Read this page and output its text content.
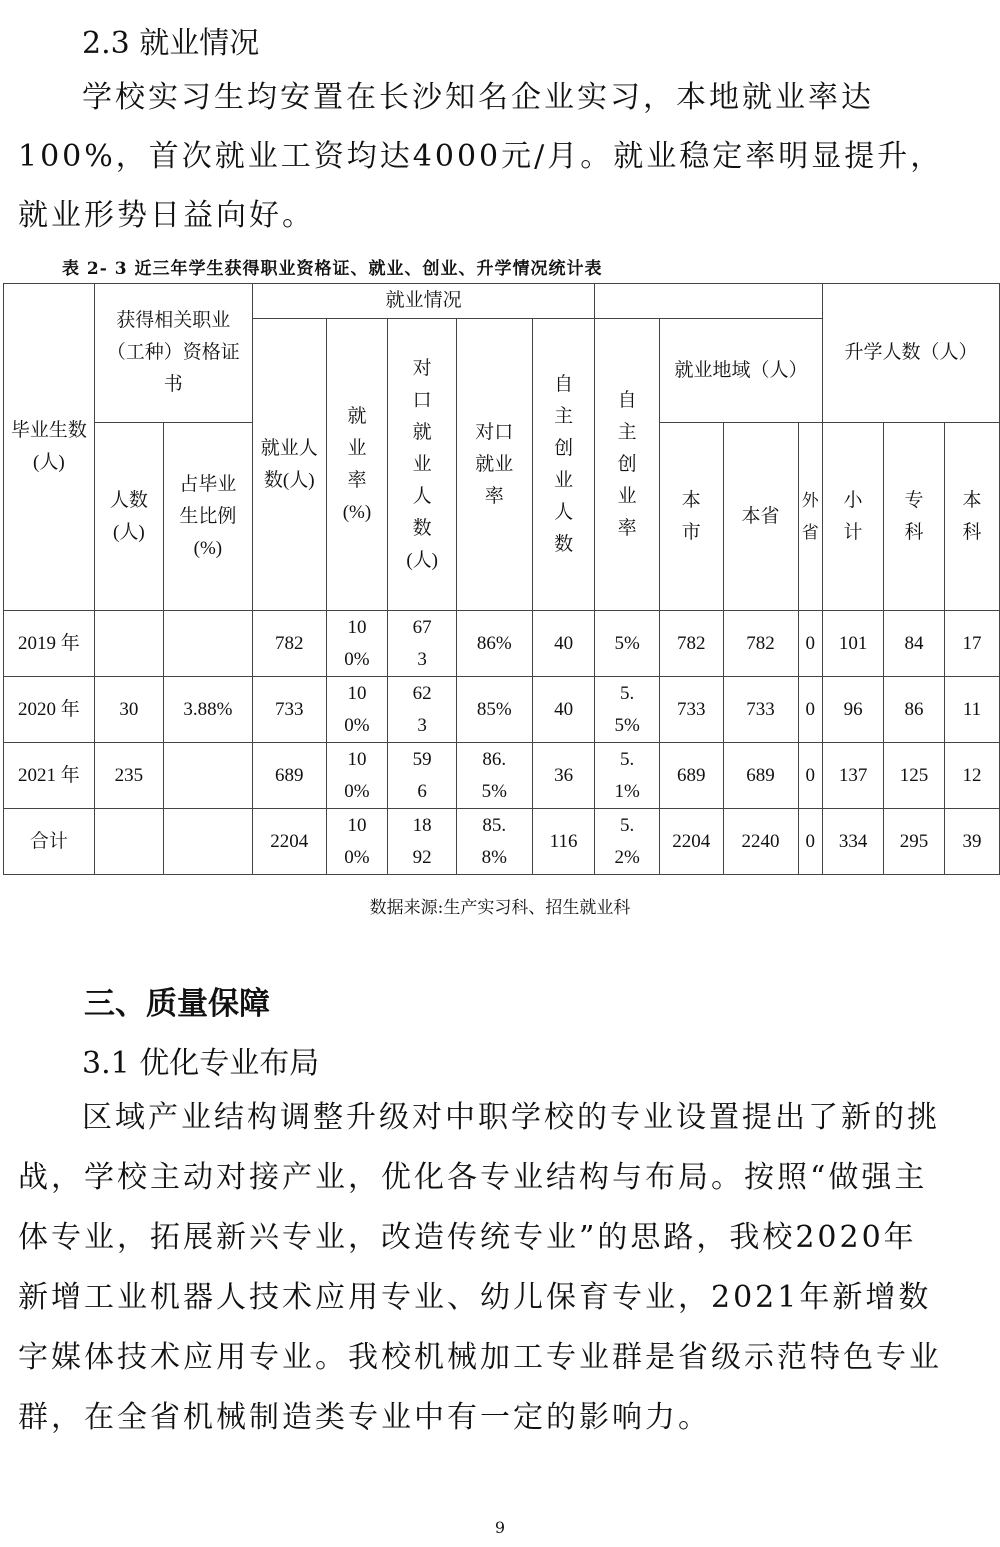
2.3 就业情况
学校实习生均安置在长沙知名企业实习，本地就业率达100%，首次就业工资均达4000元/月。就业稳定率明显提升，就业形势日益向好。
表 2- 3 近三年学生获得职业资格证、就业、创业、升学情况统计表
毕业生数(人)	获得相关职业（工种）资格证书		就业情况									升学人数（人）		
			就业人数(人)	就业率(%)	对口就业人数(人)	对口就业率	自主创业人数	自主创业率	就业地域（人）					
	人数(人)	占毕业生比例(%)							本市	本省	外省	小计	专科	本科
2019 年			782	100%	673	86%	40	5%	782	782	0	101	84	17
2020 年	30	3.88%	733	100%	623	85%	40	5.5%	733	733	0	96	86	11
2021 年	235		689	100%	596	86.5%	36	5.1%	689	689	0	137	125	12
合计			2204	100%	1892	85.8%	116	5.2%	2204	2240	0	334	295	39
数据来源:生产实习科、招生就业科
三、质量保障
3.1 优化专业布局
区域产业结构调整升级对中职学校的专业设置提出了新的挑战，学校主动对接产业，优化各专业结构与布局。按照“做强主体专业，拓展新兴专业，改造传统专业”的思路，我校2020年新增工业机器人技术应用专业、幼儿保育专业，2021年新增数字媒体技术应用专业。我校机械加工专业群是省级示范特色专业群，在全省机械制造类专业中有一定的影响力。
9
